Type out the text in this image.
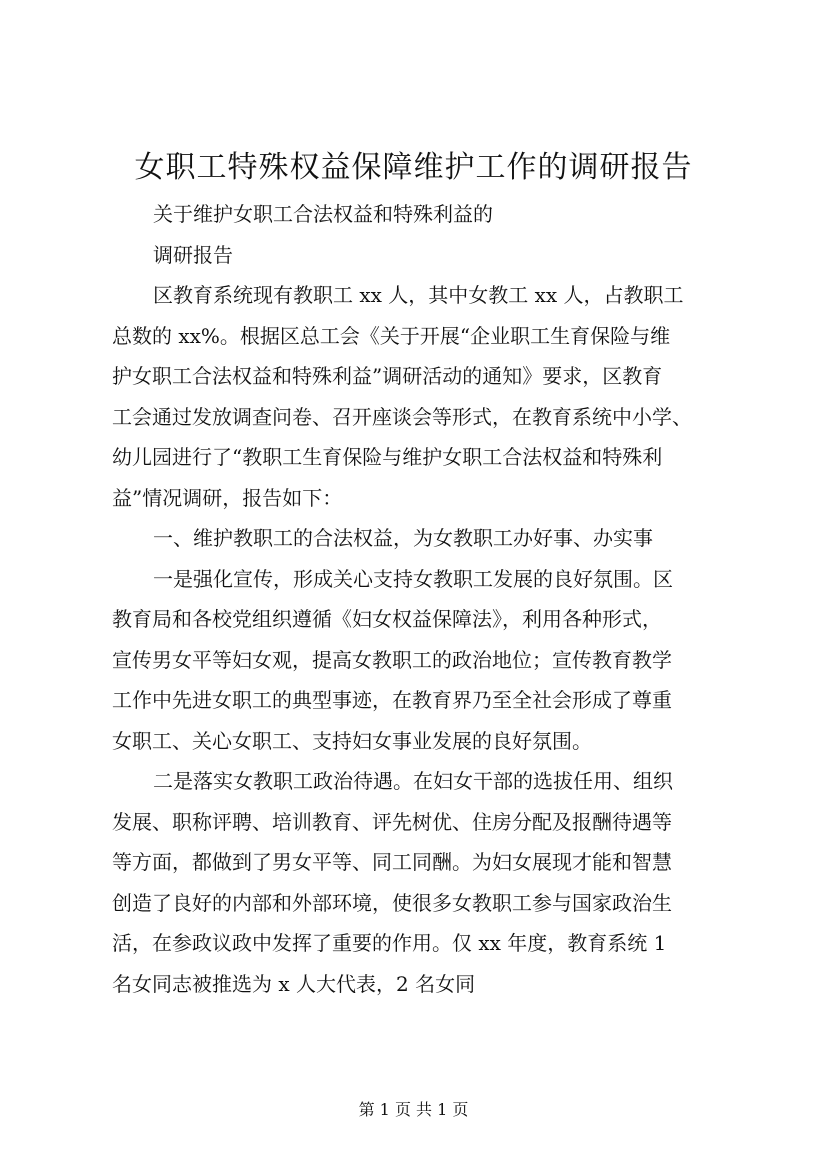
女职工特殊权益保障维护工作的调研报告
关于维护女职工合法权益和特殊利益的
调研报告
区教育系统现有教职工 xx 人，其中女教工 xx 人，占教职工
总数的 xx%。根据区总工会《关于开展“企业职工生育保险与维
护女职工合法权益和特殊利益”调研活动的通知》要求，区教育
工会通过发放调查问卷、召开座谈会等形式，在教育系统中小学、
幼儿园进行了“教职工生育保险与维护女职工合法权益和特殊利
益”情况调研，报告如下：
一、维护教职工的合法权益，为女教职工办好事、办实事
一是强化宣传，形成关心支持女教职工发展的良好氛围。区
教育局和各校党组织遵循《妇女权益保障法》，利用各种形式，
宣传男女平等妇女观，提高女教职工的政治地位；宣传教育教学
工作中先进女职工的典型事迹，在教育界乃至全社会形成了尊重
女职工、关心女职工、支持妇女事业发展的良好氛围。
二是落实女教职工政治待遇。在妇女干部的选拔任用、组织
发展、职称评聘、培训教育、评先树优、住房分配及报酬待遇等
等方面，都做到了男女平等、同工同酬。为妇女展现才能和智慧
创造了良好的内部和外部环境，使很多女教职工参与国家政治生
活，在参政议政中发挥了重要的作用。仅 xx 年度，教育系统 1
名女同志被推选为 x 人大代表，2 名女同
第 1 页 共 1 页
